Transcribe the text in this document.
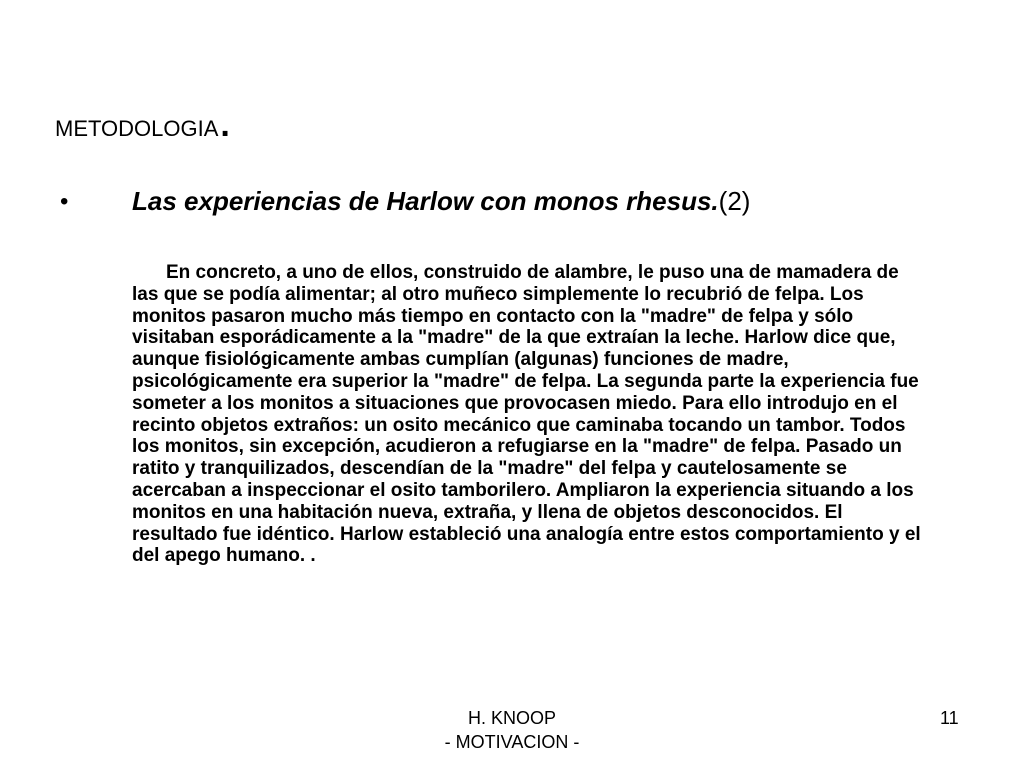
METODOLOGIA.
• Las experiencias de Harlow con monos rhesus.(2)

En concreto, a uno de ellos, construido de alambre, le puso una de mamadera de las que se podía alimentar; al otro muñeco simplemente lo recubrió de felpa. Los monitos pasaron mucho más tiempo en contacto con la "madre" de felpa y sólo visitaban esporádicamente a la "madre" de la que extraían la leche. Harlow dice que, aunque fisiológicamente ambas cumplían (algunas) funciones de madre, psicológicamente era superior la "madre" de felpa. La segunda parte la experiencia fue someter a los monitos a situaciones que provocasen miedo. Para ello introdujo en el recinto objetos extraños: un osito mecánico que caminaba tocando un tambor. Todos los monitos, sin excepción, acudieron a refugiarse en la "madre" de felpa. Pasado un ratito y tranquilizados, descendían de la "madre" del felpa y cautelosamente se acercaban a inspeccionar el osito tamborilero. Ampliaron la experiencia situando a los monitos en una habitación nueva, extraña, y llena de objetos desconocidos. El resultado fue idéntico. Harlow estableció una analogía entre estos comportamiento y el del apego humano. .

H. KNOOP
- MOTIVACION -
11
